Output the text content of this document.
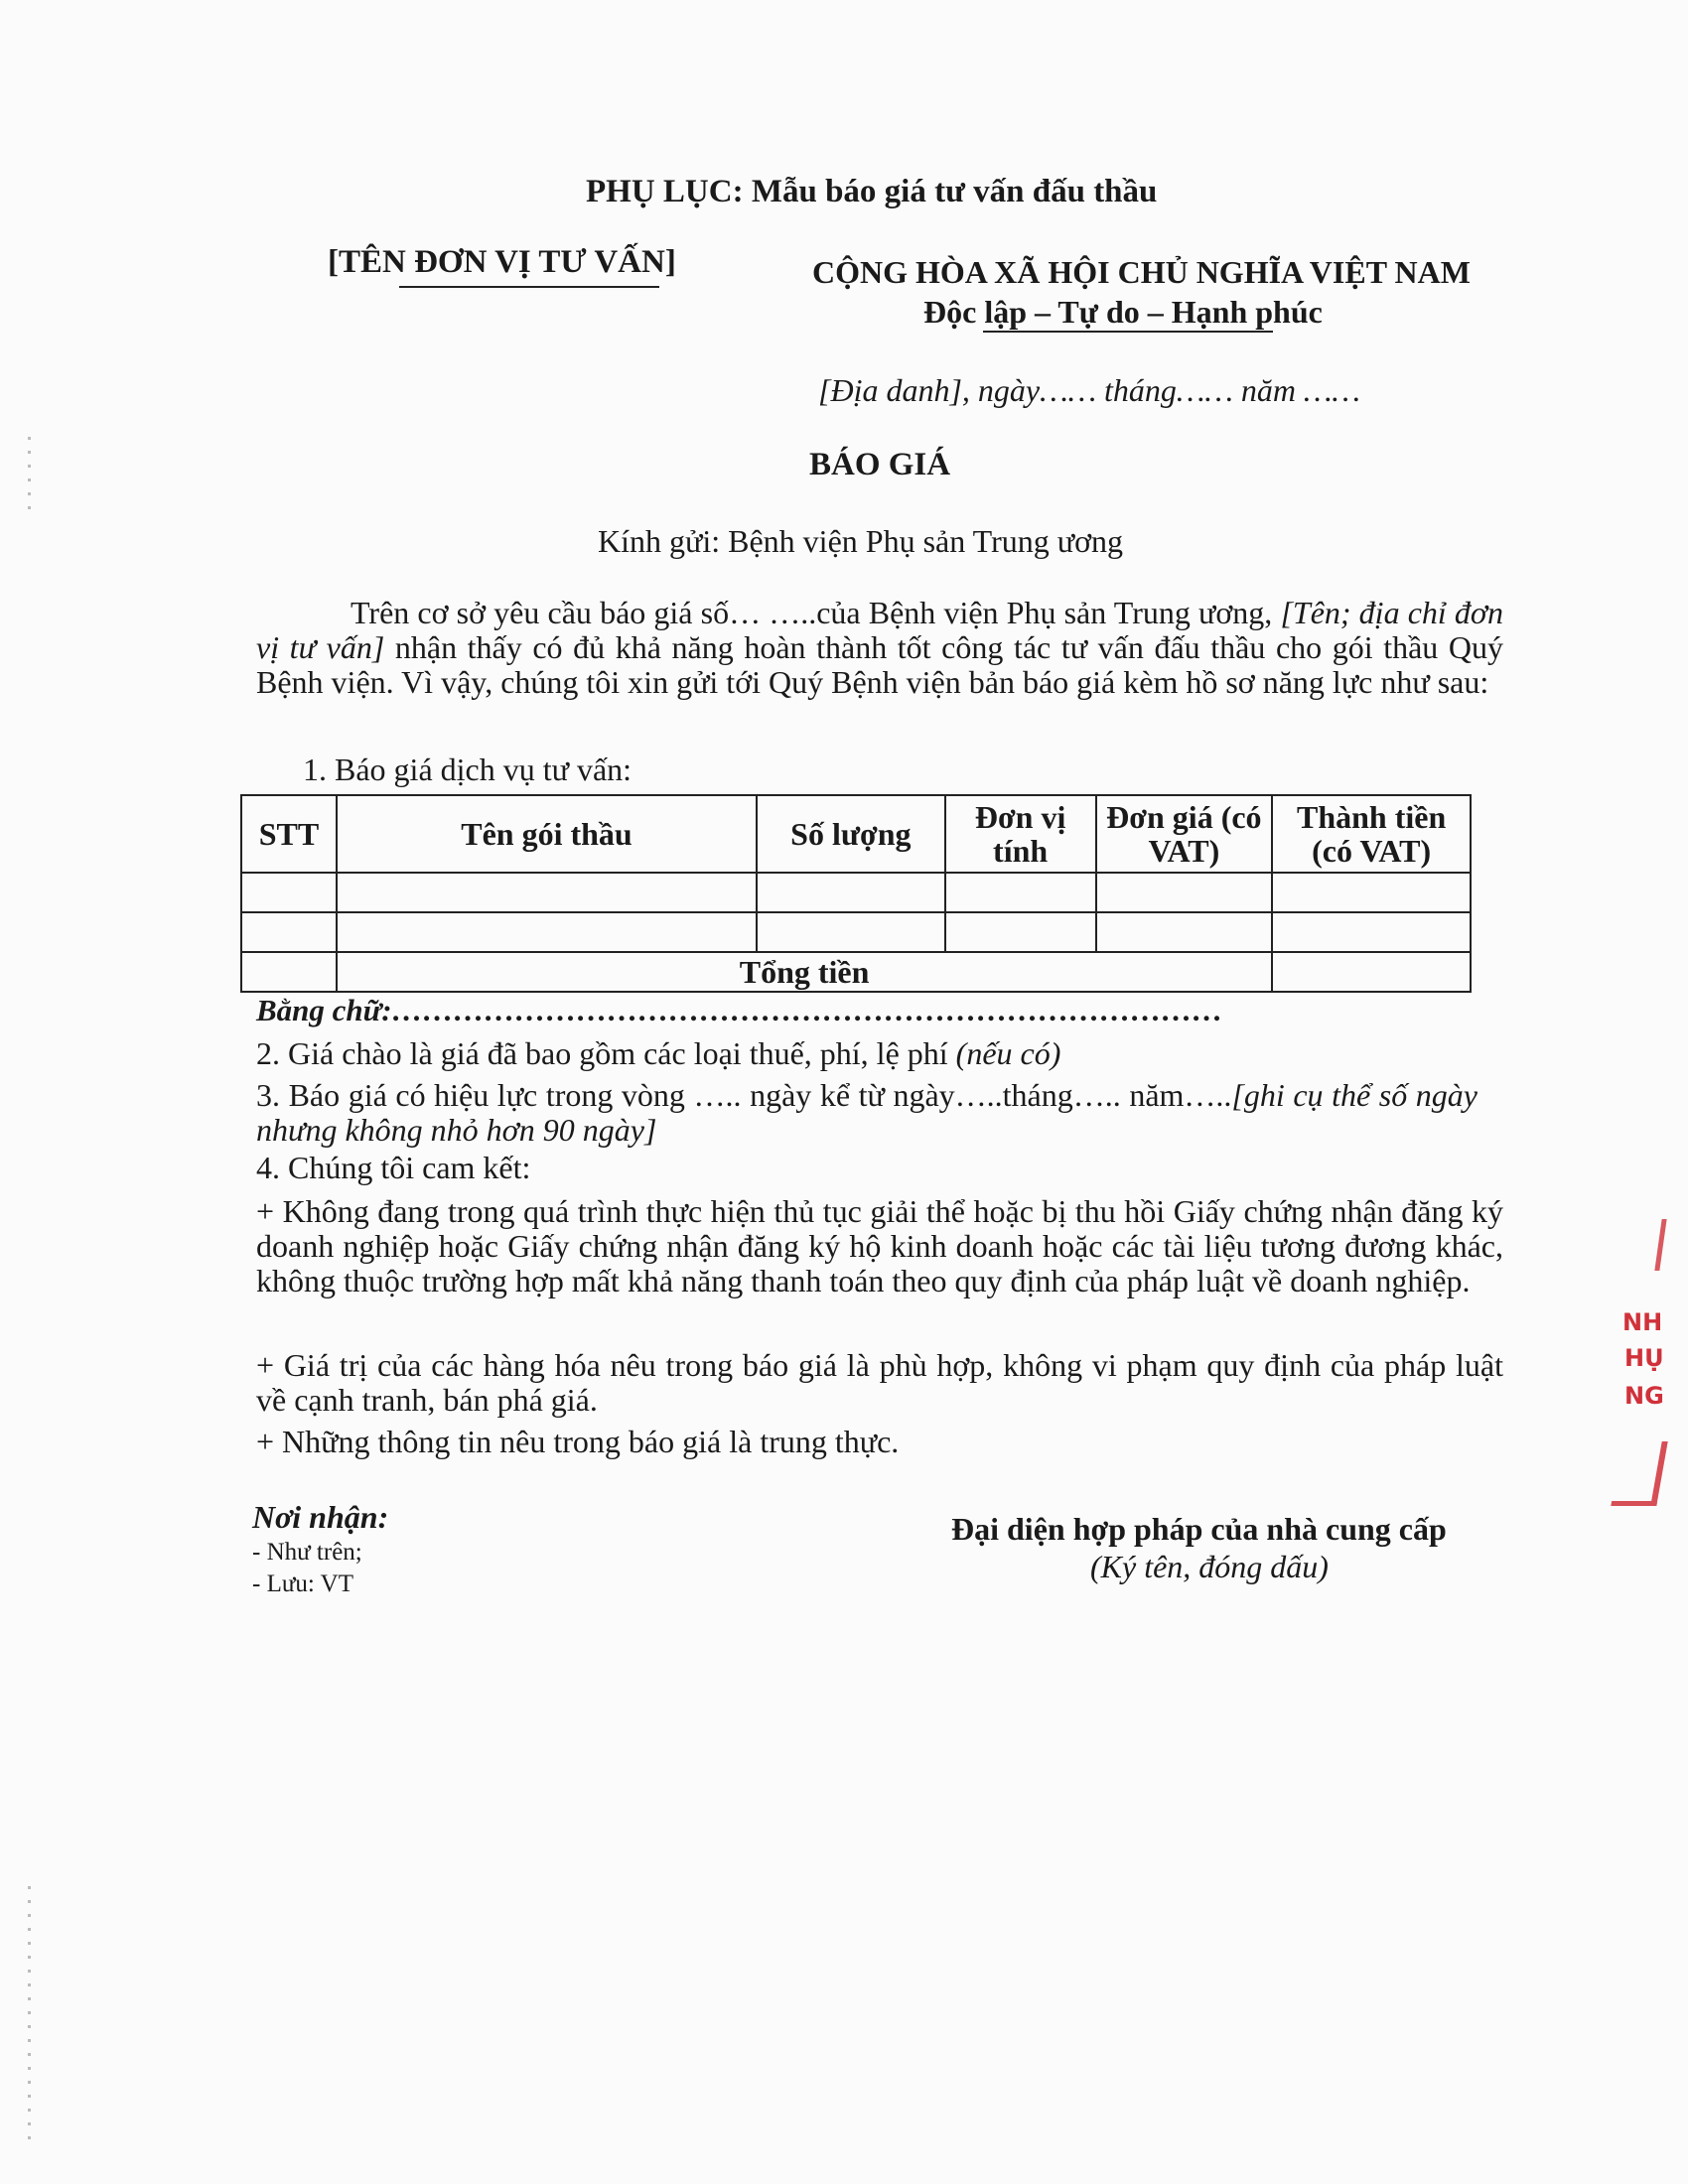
PHỤ LỤC: Mẫu báo giá tư vấn đấu thầu
[TÊN ĐƠN VỊ TƯ VẤN]	CỘNG HÒA XÃ HỘI CHỦ NGHĨA VIỆT NAM
Độc lập – Tự do – Hạnh phúc
[Địa danh], ngày…… tháng…… năm ……
BÁO GIÁ
Kính gửi: Bệnh viện Phụ sản Trung ương
Trên cơ sở yêu cầu báo giá số… …..của Bệnh viện Phụ sản Trung ương, [Tên; địa chỉ đơn vị tư vấn] nhận thấy có đủ khả năng hoàn thành tốt công tác tư vấn đấu thầu cho gói thầu Quý Bệnh viện. Vì vậy, chúng tôi xin gửi tới Quý Bệnh viện bản báo giá kèm hồ sơ năng lực như sau:
1. Báo giá dịch vụ tư vấn:
STT	Tên gói thầu	Số lượng	Đơn vị tính	Đơn giá (có VAT)	Thành tiền (có VAT)

	Tổng tiền				
Bằng chữ:………………………………………………………………………
2. Giá chào là giá đã bao gồm các loại thuế, phí, lệ phí (nếu có)
3. Báo giá có hiệu lực trong vòng ….. ngày kể từ ngày…..tháng….. năm…..[ghi cụ thể số ngày nhưng không nhỏ hơn 90 ngày]
4. Chúng tôi cam kết:
+ Không đang trong quá trình thực hiện thủ tục giải thể hoặc bị thu hồi Giấy chứng nhận đăng ký doanh nghiệp hoặc Giấy chứng nhận đăng ký hộ kinh doanh hoặc các tài liệu tương đương khác, không thuộc trường hợp mất khả năng thanh toán theo quy định của pháp luật về doanh nghiệp.
+ Giá trị của các hàng hóa nêu trong báo giá là phù hợp, không vi phạm quy định của pháp luật về cạnh tranh, bán phá giá.
+ Những thông tin nêu trong báo giá là trung thực.
Nơi nhận:
- Như trên;
- Lưu: VT
Đại diện hợp pháp của nhà cung cấp
(Ký tên, đóng dấu)
NH
HỤ
NG
